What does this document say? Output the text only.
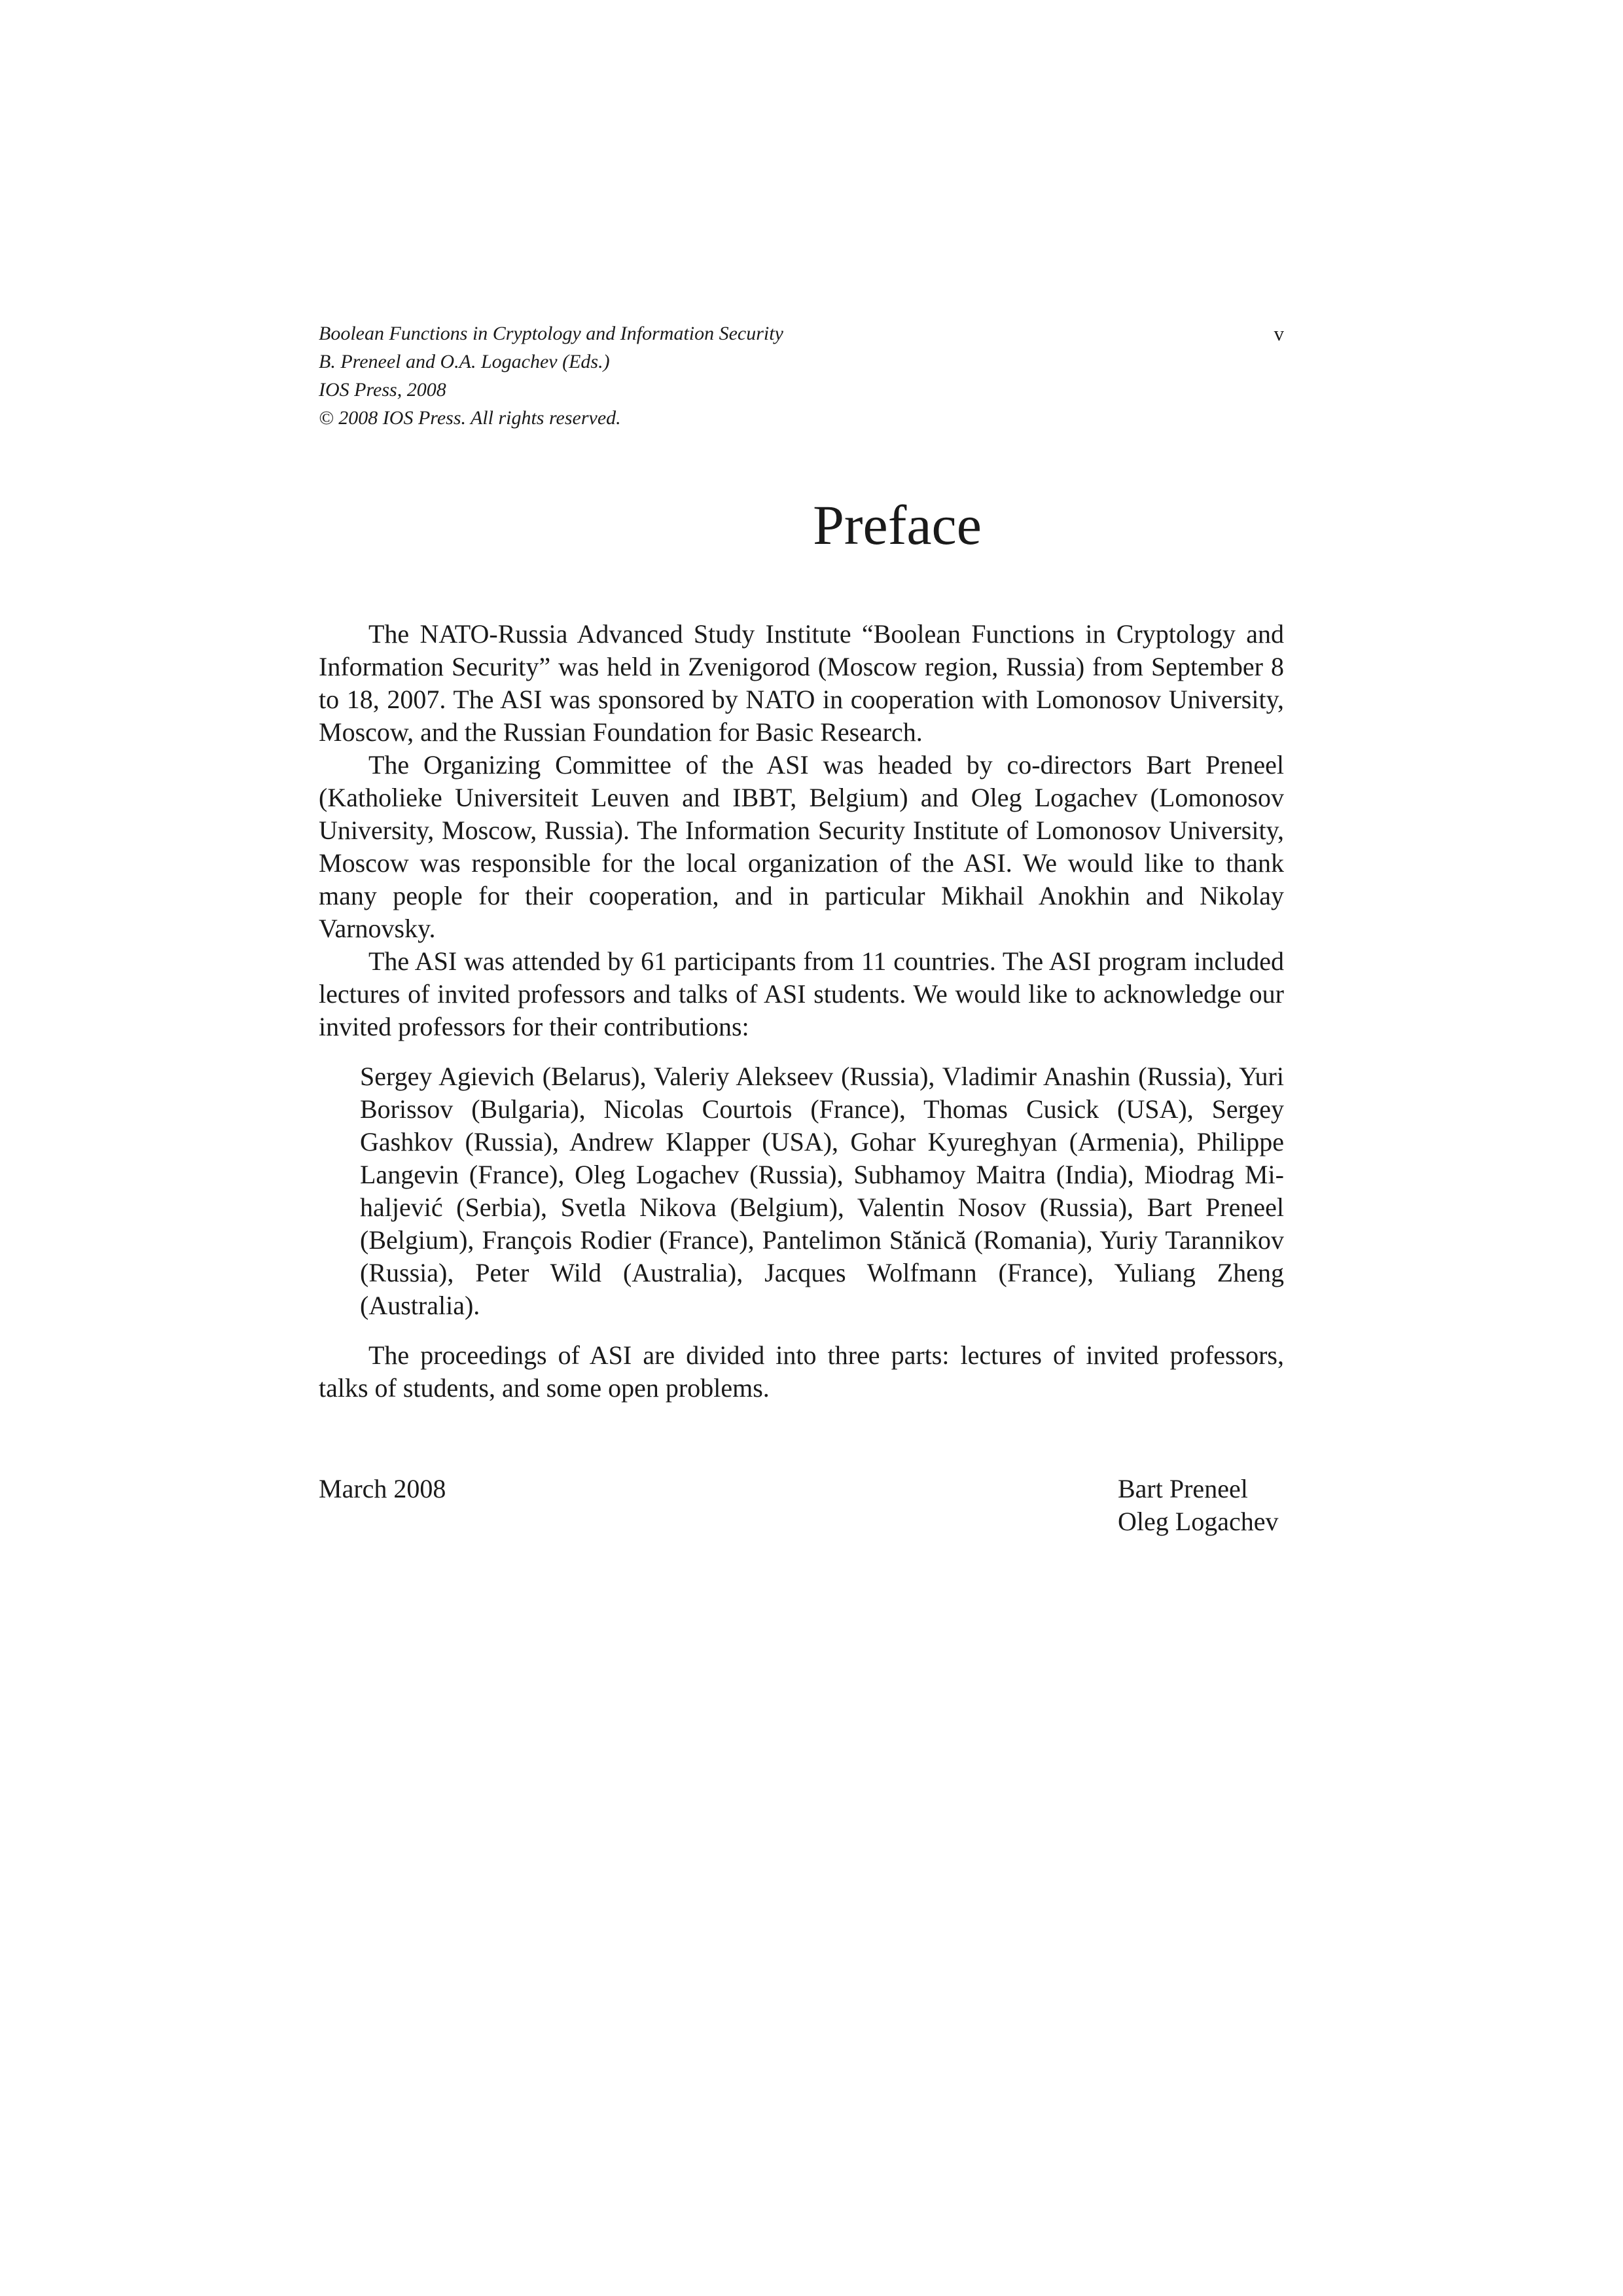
Boolean Functions in Cryptology and Information Security
B. Preneel and O.A. Logachev (Eds.)
IOS Press, 2008
© 2008 IOS Press. All rights reserved.
v
Preface

The NATO-Russia Advanced Study Institute “Boolean Functions in Cryptology and Information Security” was held in Zvenigorod (Moscow region, Russia) from September 8 to 18, 2007. The ASI was sponsored by NATO in cooperation with Lomonosov University, Moscow, and the Russian Foundation for Basic Research.

The Organizing Committee of the ASI was headed by co-directors Bart Preneel (Katholieke Universiteit Leuven and IBBT, Belgium) and Oleg Logachev (Lomonosov University, Moscow, Russia). The Information Security Institute of Lomonosov University, Moscow was responsible for the local organization of the ASI. We would like to thank many people for their cooperation, and in particular Mikhail Anokhin and Nikolay Varnovsky.

The ASI was attended by 61 participants from 11 countries. The ASI program included lectures of invited professors and talks of ASI students. We would like to acknowledge our invited professors for their contributions:

Sergey Agievich (Belarus), Valeriy Alekseev (Russia), Vladimir Anashin (Russia), Yuri Borissov (Bulgaria), Nicolas Courtois (France), Thomas Cusick (USA), Sergey Gashkov (Russia), Andrew Klapper (USA), Gohar Kyureghyan (Armenia), Philippe Langevin (France), Oleg Logachev (Russia), Subhamoy Maitra (India), Miodrag Mihaljević (Serbia), Svetla Nikova (Belgium), Valentin Nosov (Russia), Bart Preneel (Belgium), François Rodier (France), Pantelimon Stănică (Romania), Yuriy Tarannikov (Russia), Peter Wild (Australia), Jacques Wolfmann (France), Yuliang Zheng (Australia).

The proceedings of ASI are divided into three parts: lectures of invited professors, talks of students, and some open problems.

March 2008	Bart Preneel
Oleg Logachev
